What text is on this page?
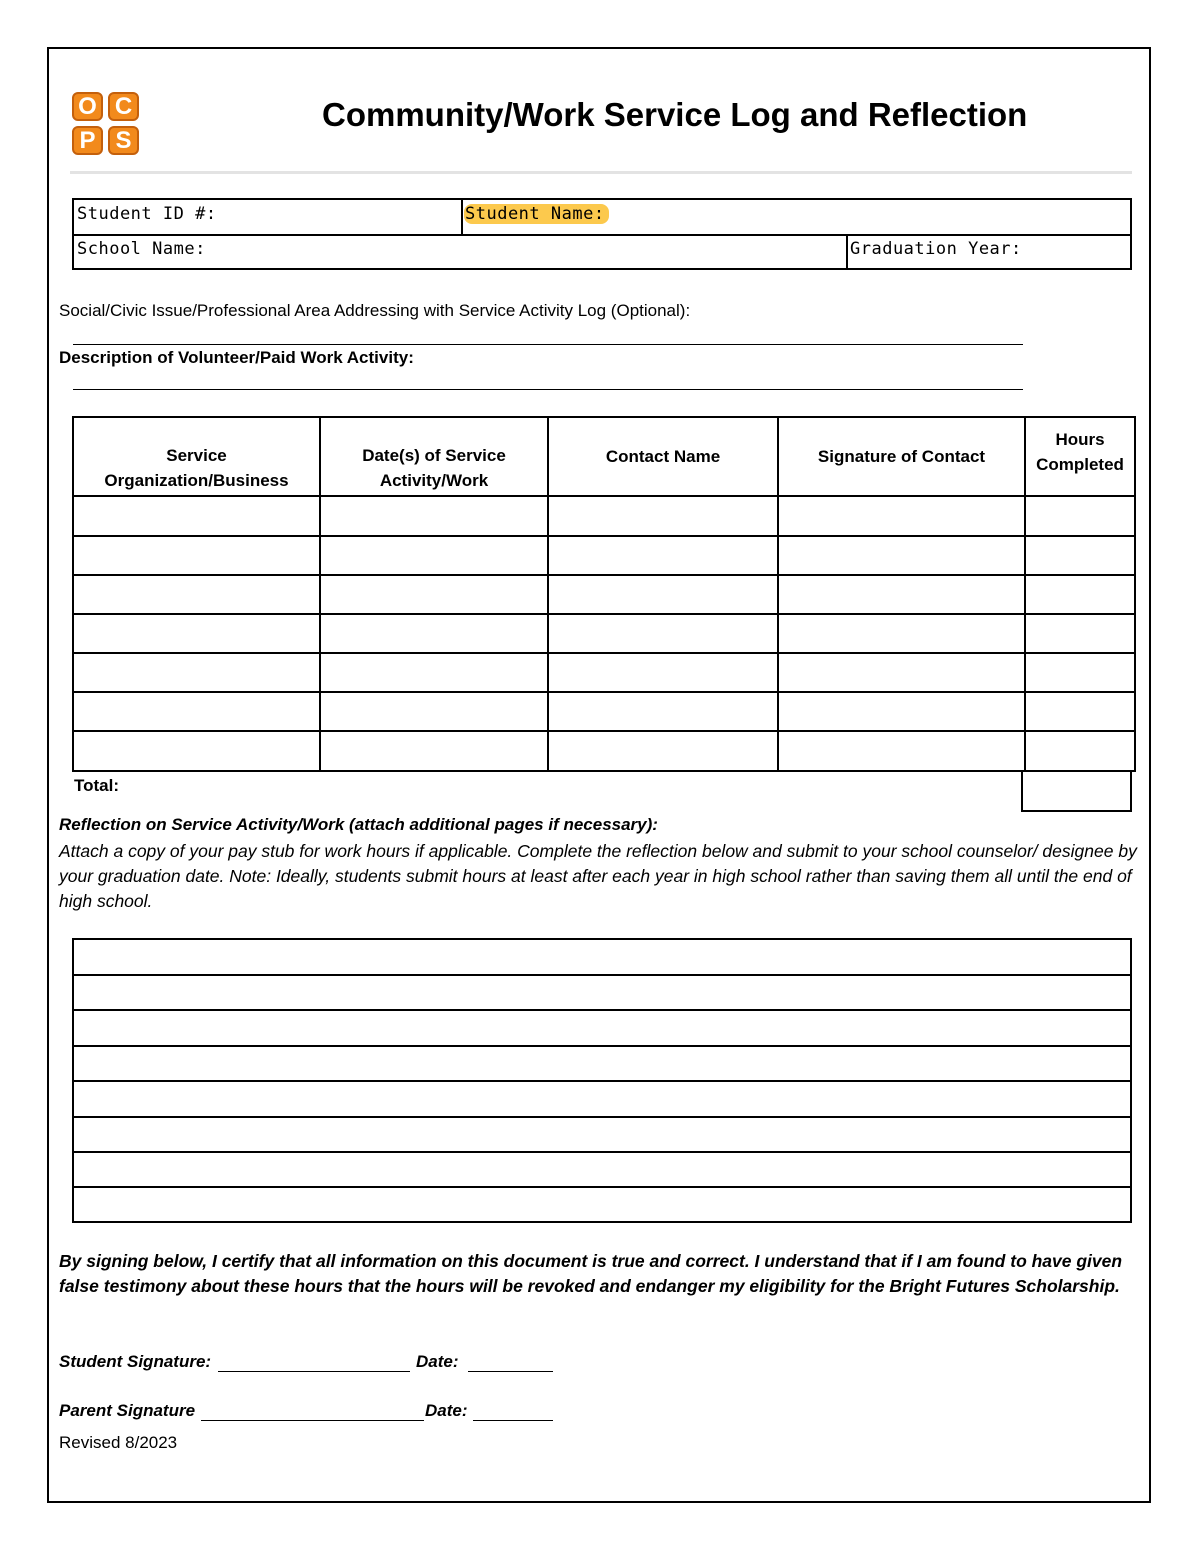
O C
P S
Community/Work Service Log and Reflection
Student ID #:	Student Name:
School Name:	Graduation Year:
Social/Civic Issue/Professional Area Addressing with Service Activity Log (Optional):
Description of Volunteer/Paid Work Activity:
Service Organization/Business	Date(s) of Service Activity/Work	Contact Name	Signature of Contact	Hours Completed

Total:
Reflection on Service Activity/Work (attach additional pages if necessary):
Attach a copy of your pay stub for work hours if applicable. Complete the reflection below and submit to your school counselor/ designee by your graduation date. Note: Ideally, students submit hours at least after each year in high school rather than saving them all until the end of high school.
By signing below, I certify that all information on this document is true and correct. I understand that if I am found to have given false testimony about these hours that the hours will be revoked and endanger my eligibility for the Bright Futures Scholarship.
Student Signature:	Date:
Parent Signature	Date:
Revised 8/2023
